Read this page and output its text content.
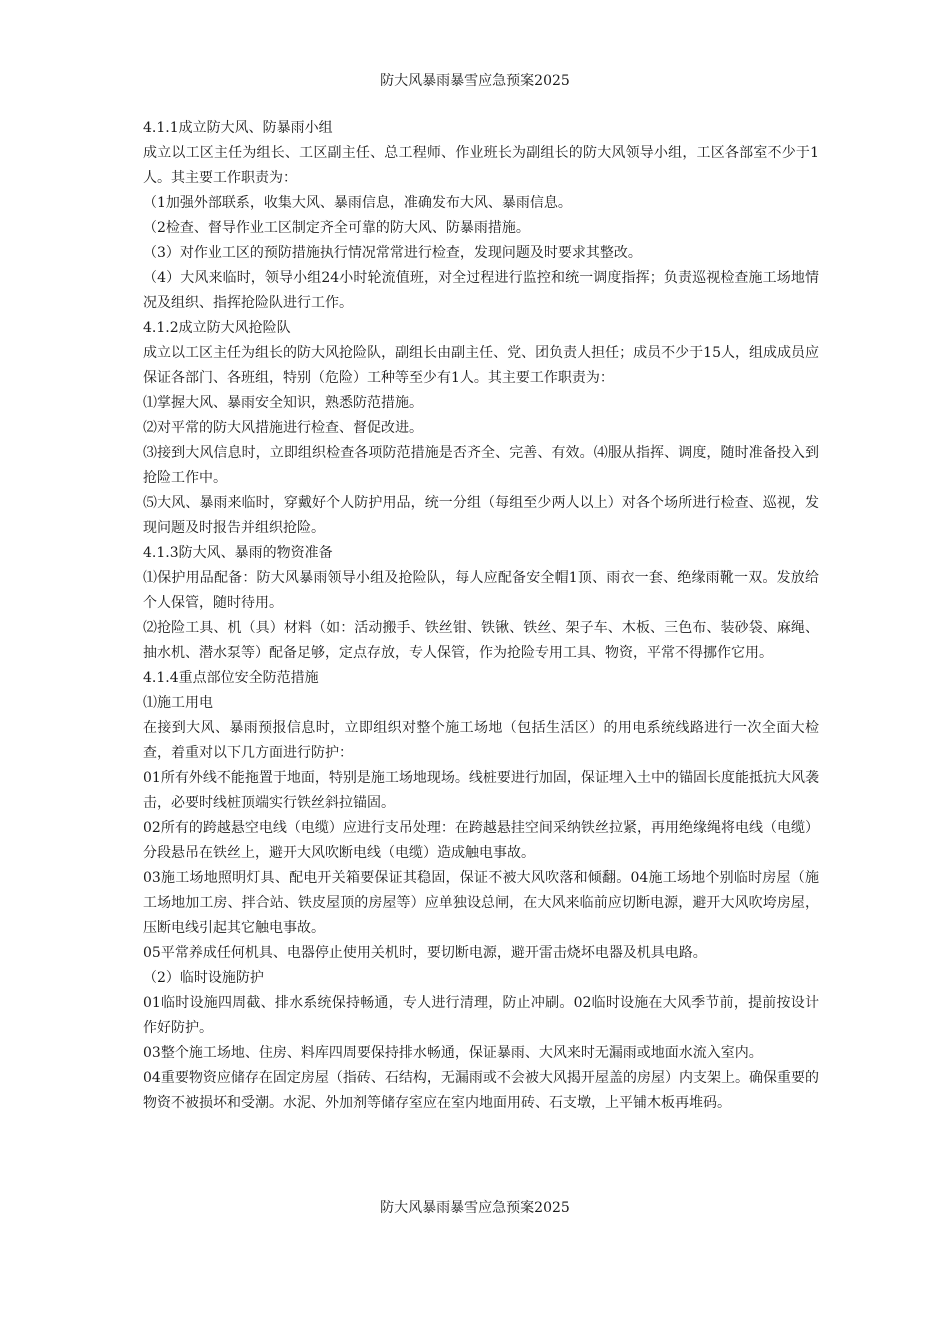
防大风暴雨暴雪应急预案2025

4.1.1成立防大风、防暴雨小组

成立以工区主任为组长、工区副主任、总工程师、作业班长为副组长的防大风领导小组，工区各部室不少于1人。其主要工作职责为：

（1加强外部联系，收集大风、暴雨信息，准确发布大风、暴雨信息。

（2检查、督导作业工区制定齐全可靠的防大风、防暴雨措施。

（3）对作业工区的预防措施执行情况常常进行检查，发现问题及时要求其整改。

（4）大风来临时，领导小组24小时轮流值班，对全过程进行监控和统一调度指挥；负责巡视检查施工场地情况及组织、指挥抢险队进行工作。

4.1.2成立防大风抢险队

成立以工区主任为组长的防大风抢险队，副组长由副主任、党、团负责人担任；成员不少于15人，组成成员应保证各部门、各班组，特别（危险）工种等至少有1人。其主要工作职责为：

⑴掌握大风、暴雨安全知识，熟悉防范措施。

⑵对平常的防大风措施进行检查、督促改进。

⑶接到大风信息时，立即组织检查各项防范措施是否齐全、完善、有效。⑷服从指挥、调度，随时准备投入到抢险工作中。

⑸大风、暴雨来临时，穿戴好个人防护用品，统一分组（每组至少两人以上）对各个场所进行检查、巡视，发现问题及时报告并组织抢险。

4.1.3防大风、暴雨的物资准备

⑴保护用品配备：防大风暴雨领导小组及抢险队，每人应配备安全帽1顶、雨衣一套、绝缘雨靴一双。发放给个人保管，随时待用。

⑵抢险工具、机（具）材料（如：活动搬手、铁丝钳、铁锹、铁丝、架子车、木板、三色布、装砂袋、麻绳、抽水机、潜水泵等）配备足够，定点存放，专人保管，作为抢险专用工具、物资，平常不得挪作它用。

4.1.4重点部位安全防范措施

⑴施工用电

在接到大风、暴雨预报信息时，立即组织对整个施工场地（包括生活区）的用电系统线路进行一次全面大检查，着重对以下几方面进行防护：

01所有外线不能拖置于地面，特别是施工场地现场。线桩要进行加固，保证埋入土中的锚固长度能抵抗大风袭击，必要时线桩顶端实行铁丝斜拉锚固。

02所有的跨越悬空电线（电缆）应进行支吊处理：在跨越悬挂空间采纳铁丝拉紧，再用绝缘绳将电线（电缆）分段悬吊在铁丝上，避开大风吹断电线（电缆）造成触电事故。

03施工场地照明灯具、配电开关箱要保证其稳固，保证不被大风吹落和倾翻。04施工场地个别临时房屋（施工场地加工房、拌合站、铁皮屋顶的房屋等）应单独设总闸，在大风来临前应切断电源，避开大风吹垮房屋，压断电线引起其它触电事故。

05平常养成任何机具、电器停止使用关机时，要切断电源，避开雷击烧坏电器及机具电路。

（2）临时设施防护

01临时设施四周截、排水系统保持畅通，专人进行清理，防止冲刷。02临时设施在大风季节前，提前按设计作好防护。

03整个施工场地、住房、料库四周要保持排水畅通，保证暴雨、大风来时无漏雨或地面水流入室内。

04重要物资应储存在固定房屋（指砖、石结构，无漏雨或不会被大风揭开屋盖的房屋）内支架上。确保重要的物资不被损坏和受潮。水泥、外加剂等储存室应在室内地面用砖、石支墩，上平铺木板再堆码。

防大风暴雨暴雪应急预案2025
